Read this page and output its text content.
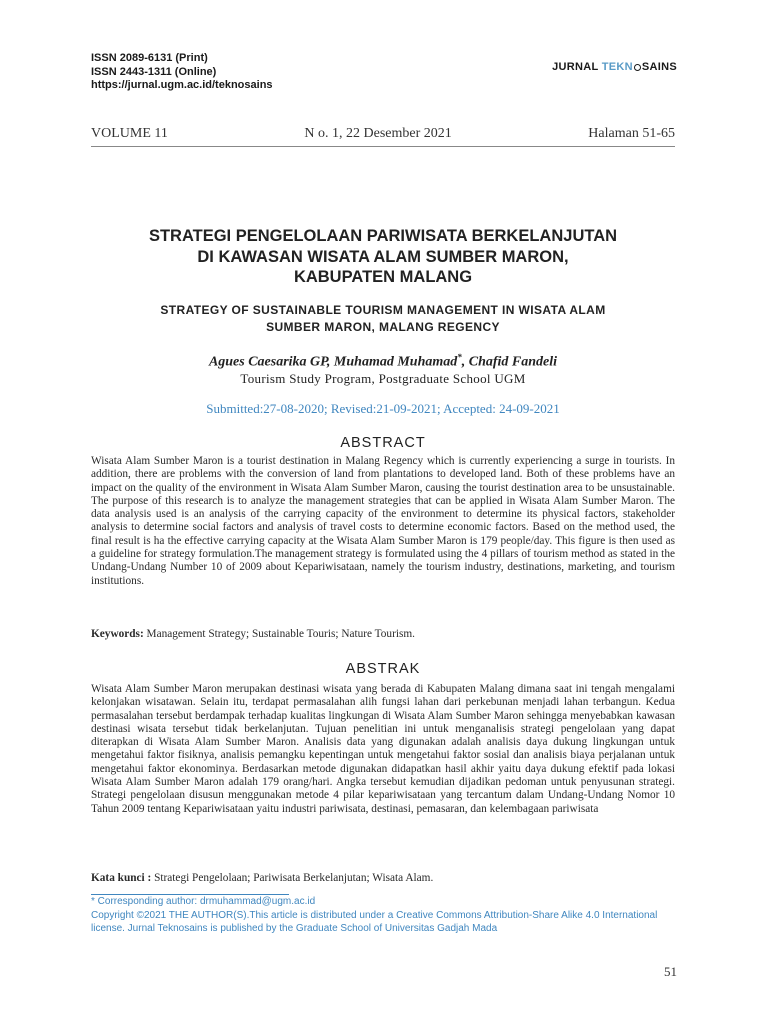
ISSN 2089-6131 (Print)
ISSN 2443-1311 (Online)
https://jurnal.ugm.ac.id/teknosains
JURNAL TEKN SAINS
VOLUME 11	N o. 1, 22 Desember 2021	Halaman 51-65
STRATEGI PENGELOLAAN PARIWISATA BERKELANJUTAN
DI KAWASAN WISATA ALAM SUMBER MARON,
KABUPATEN MALANG
STRATEGY OF SUSTAINABLE TOURISM MANAGEMENT IN WISATA ALAM
SUMBER MARON, MALANG REGENCY
Agues Caesarika GP, Muhamad Muhamad*, Chafid Fandeli
Tourism Study Program, Postgraduate School UGM
Submitted:27-08-2020; Revised:21-09-2021; Accepted: 24-09-2021
ABSTRACT
Wisata Alam Sumber Maron is a tourist destination in Malang Regency which is currently experiencing a surge in tourists. In addition, there are problems with the conversion of land from plantations to developed land. Both of these problems have an impact on the quality of the environment in Wisata Alam Sumber Maron, causing the tourist destination area to be unsustainable. The purpose of this research is to analyze the management strategies that can be applied in Wisata Alam Sumber Maron. The data analysis used is an analysis of the carrying capacity of the environment to determine its physical factors, stakeholder analysis to determine social factors and analysis of travel costs to determine economic factors. Based on the method used, the final result is ha the effective carrying capacity at the Wisata Alam Sumber Maron is 179 people/day. This figure is then used as a guideline for strategy formulation.The management strategy is formulated using the 4 pillars of tourism method as stated in the Undang-Undang Number 10 of 2009 about Kepariwisataan, namely the tourism industry, destinations, marketing, and tourism institutions.
Keywords: Management Strategy; Sustainable Touris; Nature Tourism.
ABSTRAK
Wisata Alam Sumber Maron merupakan destinasi wisata yang berada di Kabupaten Malang dimana saat ini tengah mengalami kelonjakan wisatawan. Selain itu, terdapat permasalahan alih fungsi lahan dari perkebunan menjadi lahan terbangun. Kedua permasalahan tersebut berdampak terhadap kualitas lingkungan di Wisata Alam Sumber Maron sehingga menyebabkan kawasan destinasi wisata tersebut tidak berkelanjutan. Tujuan penelitian ini untuk menganalisis strategi pengelolaan yang dapat diterapkan di Wisata Alam Sumber Maron. Analisis data yang digunakan adalah analisis daya dukung lingkungan untuk mengetahui faktor fisiknya, analisis pemangku kepentingan untuk mengetahui faktor sosial dan analisis biaya perjalanan untuk mengetahui faktor ekonominya. Berdasarkan metode digunakan didapatkan hasil akhir yaitu daya dukung efektif pada lokasi Wisata Alam Sumber Maron adalah 179 orang/hari. Angka tersebut kemudian dijadikan pedoman untuk penyusunan strategi. Strategi pengelolaan disusun menggunakan metode 4 pilar kepariwisataan yang tercantum dalam Undang-Undang Nomor 10 Tahun 2009 tentang Kepariwisataan yaitu industri pariwisata, destinasi, pemasaran, dan kelembagaan pariwisata
Kata kunci : Strategi Pengelolaan; Pariwisata Berkelanjutan; Wisata Alam.
* Corresponding author: drmuhammad@ugm.ac.id
Copyright ©2021 THE AUTHOR(S).This article is distributed under a Creative Commons Attribution-Share Alike 4.0 International license. Jurnal Teknosains is published by the Graduate School of Universitas Gadjah Mada
51
